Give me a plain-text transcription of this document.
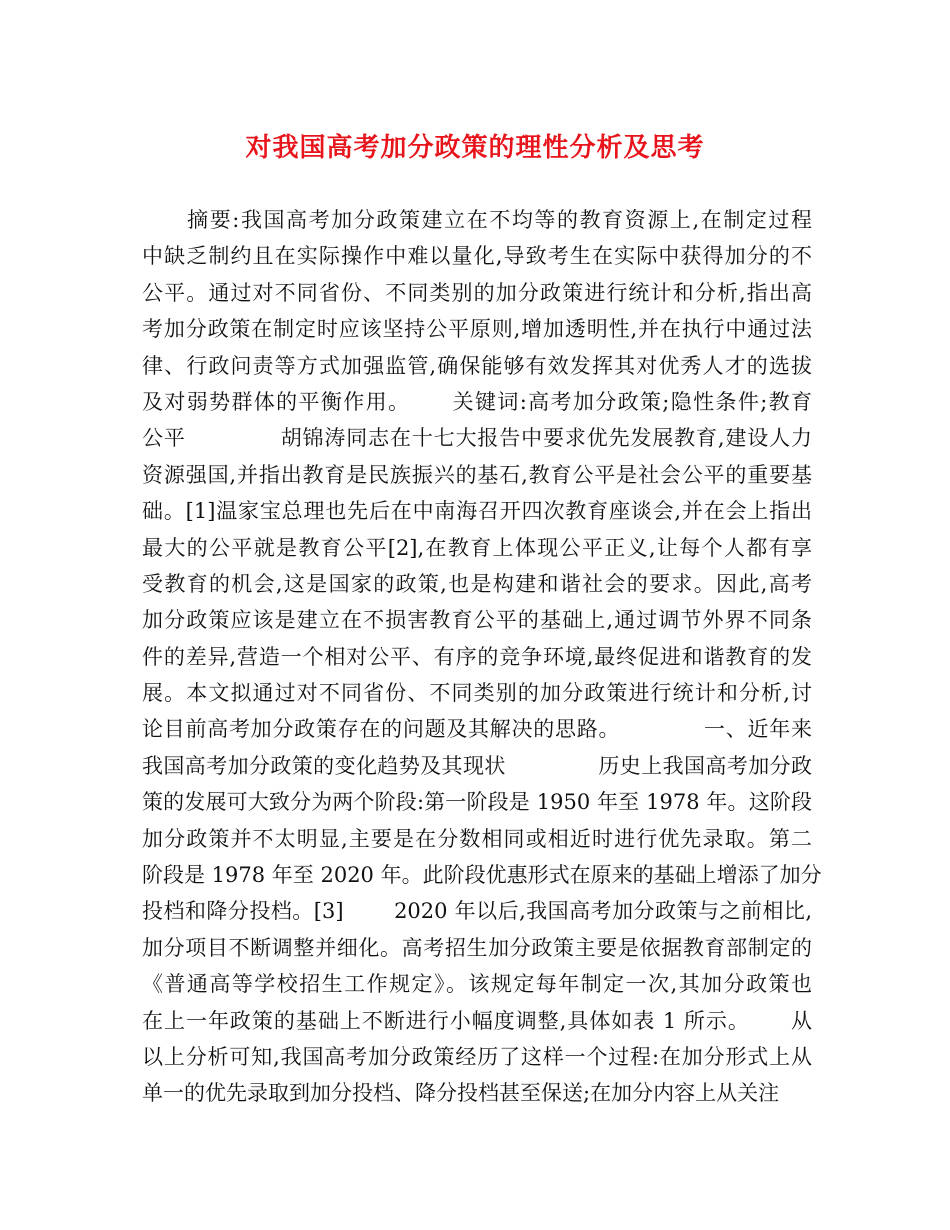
对我国高考加分政策的理性分析及思考
　　摘要:我国高考加分政策建立在不均等的教育资源上,在制定过程
中缺乏制约且在实际操作中难以量化,导致考生在实际中获得加分的不
公平。通过对不同省份、不同类别的加分政策进行统计和分析,指出高
考加分政策在制定时应该坚持公平原则,增加透明性,并在执行中通过法
律、行政问责等方式加强监管,确保能够有效发挥其对优秀人才的选拔
及对弱势群体的平衡作用。　　 关键词:高考加分政策;隐性条件;教育
公平　　　　 胡锦涛同志在十七大报告中要求优先发展教育,建设人力
资源强国,并指出教育是民族振兴的基石,教育公平是社会公平的重要基
础。[1]温家宝总理也先后在中南海召开四次教育座谈会,并在会上指出
最大的公平就是教育公平[2],在教育上体现公平正义,让每个人都有享
受教育的机会,这是国家的政策,也是构建和谐社会的要求。因此,高考
加分政策应该是建立在不损害教育公平的基础上,通过调节外界不同条
件的差异,营造一个相对公平、有序的竞争环境,最终促进和谐教育的发
展。本文拟通过对不同省份、不同类别的加分政策进行统计和分析,讨
论目前高考加分政策存在的问题及其解决的思路。　　　　 一、近年来
我国高考加分政策的变化趋势及其现状　　　　 历史上我国高考加分政
策的发展可大致分为两个阶段:第一阶段是 1950 年至 1978 年。这阶段
加分政策并不太明显,主要是在分数相同或相近时进行优先录取。第二
阶段是 1978 年至 2020 年。此阶段优惠形式在原来的基础上增添了加分
投档和降分投档。[3]　　 2020 年以后,我国高考加分政策与之前相比,
加分项目不断调整并细化。高考招生加分政策主要是依据教育部制定的
《普通高等学校招生工作规定》。该规定每年制定一次,其加分政策也
在上一年政策的基础上不断进行小幅度调整,具体如表 1 所示。　　 从
以上分析可知,我国高考加分政策经历了这样一个过程:在加分形式上从
单一的优先录取到加分投档、降分投档甚至保送;在加分内容上从关注
